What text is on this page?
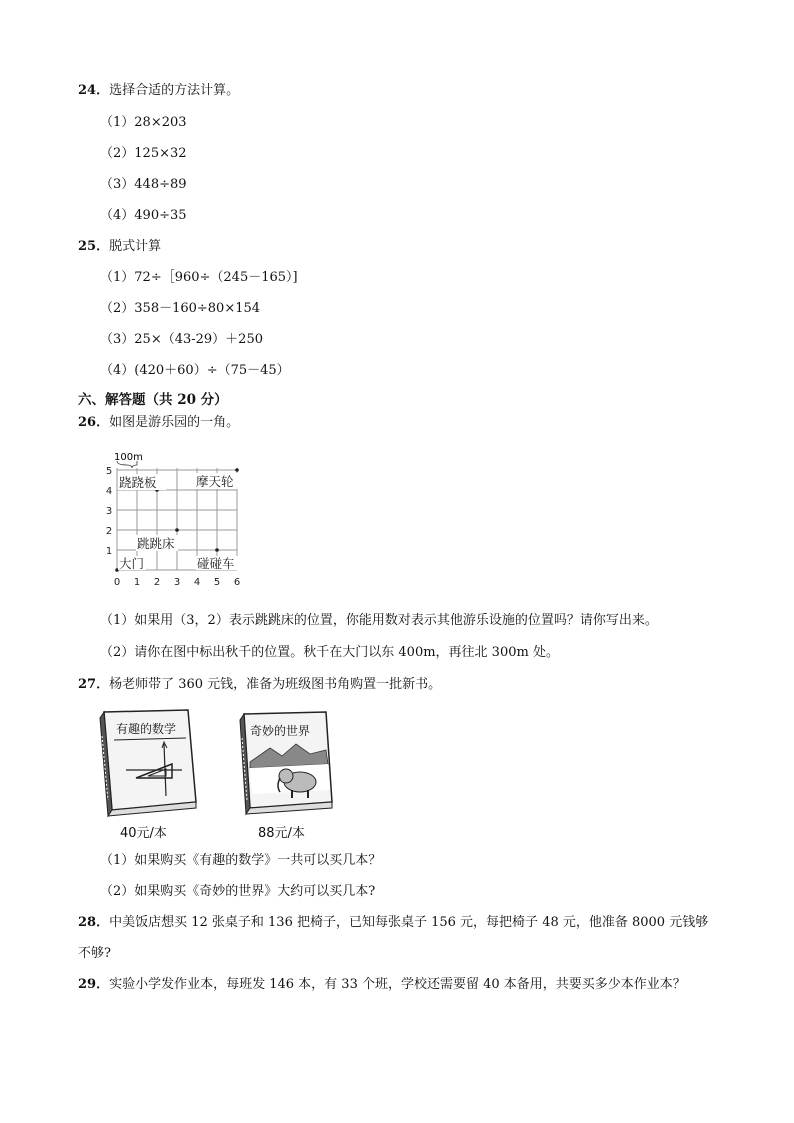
24．选择合适的方法计算。
（1）28×203
（2）125×32
（3）448÷89
（4）490÷35
25．脱式计算
（1）72÷［960÷（245－165）]
（2）358－160÷80×154
（3）25×（43-29）＋250
（4）(420＋60）÷（75－45）
六、解答题（共 20 分）
26．如图是游乐园的一角。
100m
0 1 2 3 4 5 6
1
2
3
4
5
跷跷板	摩天轮
跳跳床
大门	碰碰车
（1）如果用（3，2）表示跳跳床的位置，你能用数对表示其他游乐设施的位置吗？请你写出来。
（2）请你在图中标出秋千的位置。秋千在大门以东 400m，再往北 300m 处。
27．杨老师带了 360 元钱，准备为班级图书角购置一批新书。
有趣的数学
40元/本
奇妙的世界
88元/本
（1）如果购买《有趣的数学》一共可以买几本？
（2）如果购买《奇妙的世界》大约可以买几本?
28．中美饭店想买 12 张桌子和 136 把椅子，已知每张桌子 156 元，每把椅子 48 元，他准备 8000 元钱够
不够?
29．实验小学发作业本，每班发 146 本，有 33 个班，学校还需要留 40 本备用，共要买多少本作业本？
